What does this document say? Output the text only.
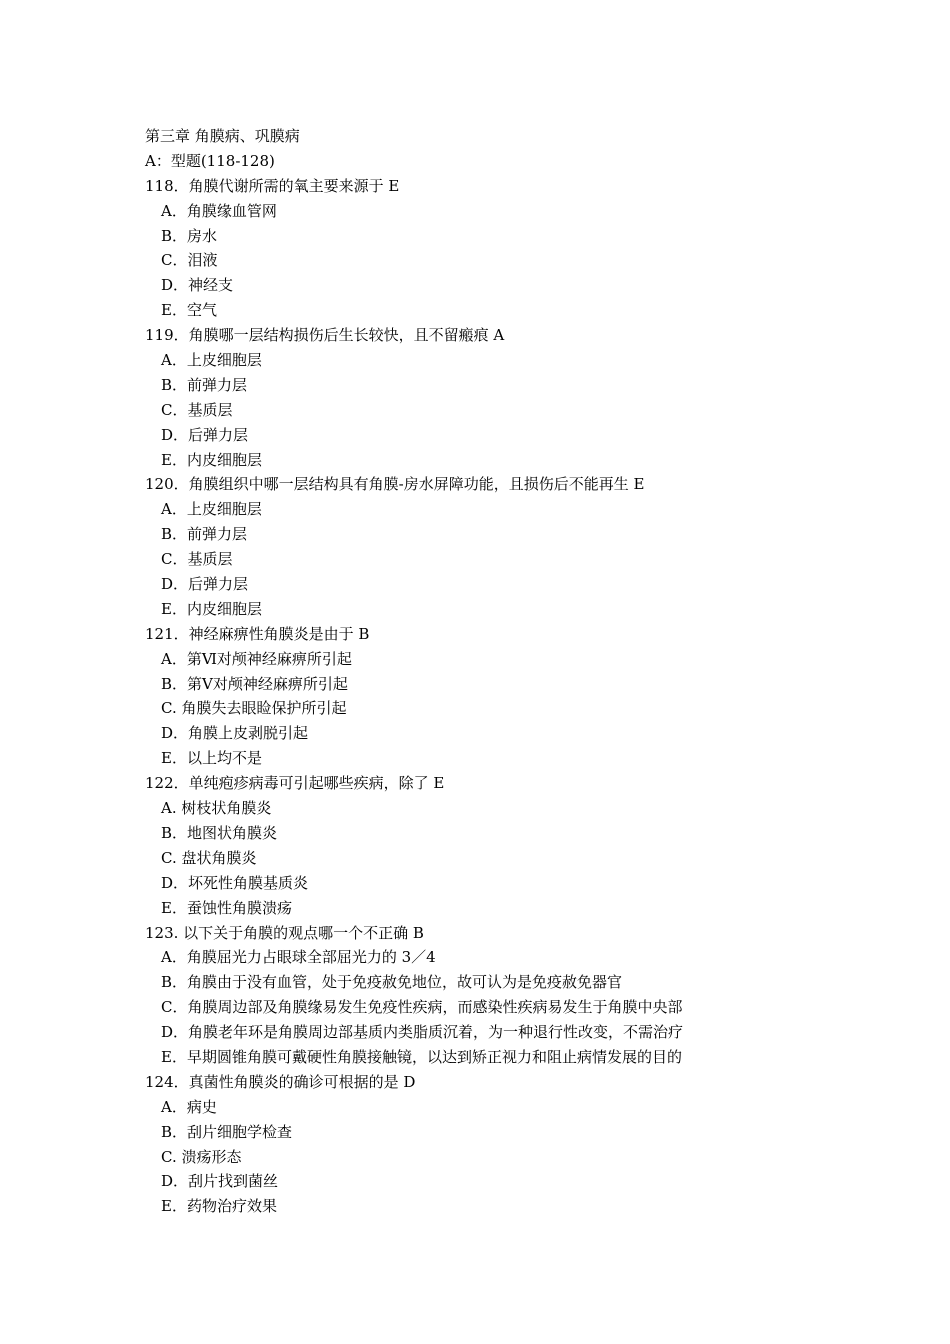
第三章 角膜病、巩膜病
A：型题(118-128)
118．角膜代谢所需的氧主要来源于 E
A．角膜缘血管网
B．房水
C．泪液
D．神经支
E．空气
119．角膜哪一层结构损伤后生长较快，且不留瘢痕 A
A．上皮细胞层
B．前弹力层
C．基质层
D．后弹力层
E．内皮细胞层
120．角膜组织中哪一层结构具有角膜-房水屏障功能，且损伤后不能再生 E
A．上皮细胞层
B．前弹力层
C．基质层
D．后弹力层
E．内皮细胞层
121．神经麻痹性角膜炎是由于 B
A．第Ⅵ对颅神经麻痹所引起
B．第Ⅴ对颅神经麻痹所引起
C. 角膜失去眼睑保护所引起
D．角膜上皮剥脱引起
E．以上均不是
122．单纯疱疹病毒可引起哪些疾病，除了 E
A. 树枝状角膜炎
B．地图状角膜炎
C. 盘状角膜炎
D．坏死性角膜基质炎
E．蚕蚀性角膜溃疡
123. 以下关于角膜的观点哪一个不正确 B
A．角膜屈光力占眼球全部屈光力的 3／4
B．角膜由于没有血管，处于免疫赦免地位，故可认为是免疫赦免器官
C．角膜周边部及角膜缘易发生免疫性疾病，而感染性疾病易发生于角膜中央部
D．角膜老年环是角膜周边部基质内类脂质沉着，为一种退行性改变，不需治疗
E．早期圆锥角膜可戴硬性角膜接触镜，以达到矫正视力和阻止病情发展的目的
124．真菌性角膜炎的确诊可根据的是 D
A．病史
B．刮片细胞学检查
C. 溃疡形态
D．刮片找到菌丝
E．药物治疗效果
